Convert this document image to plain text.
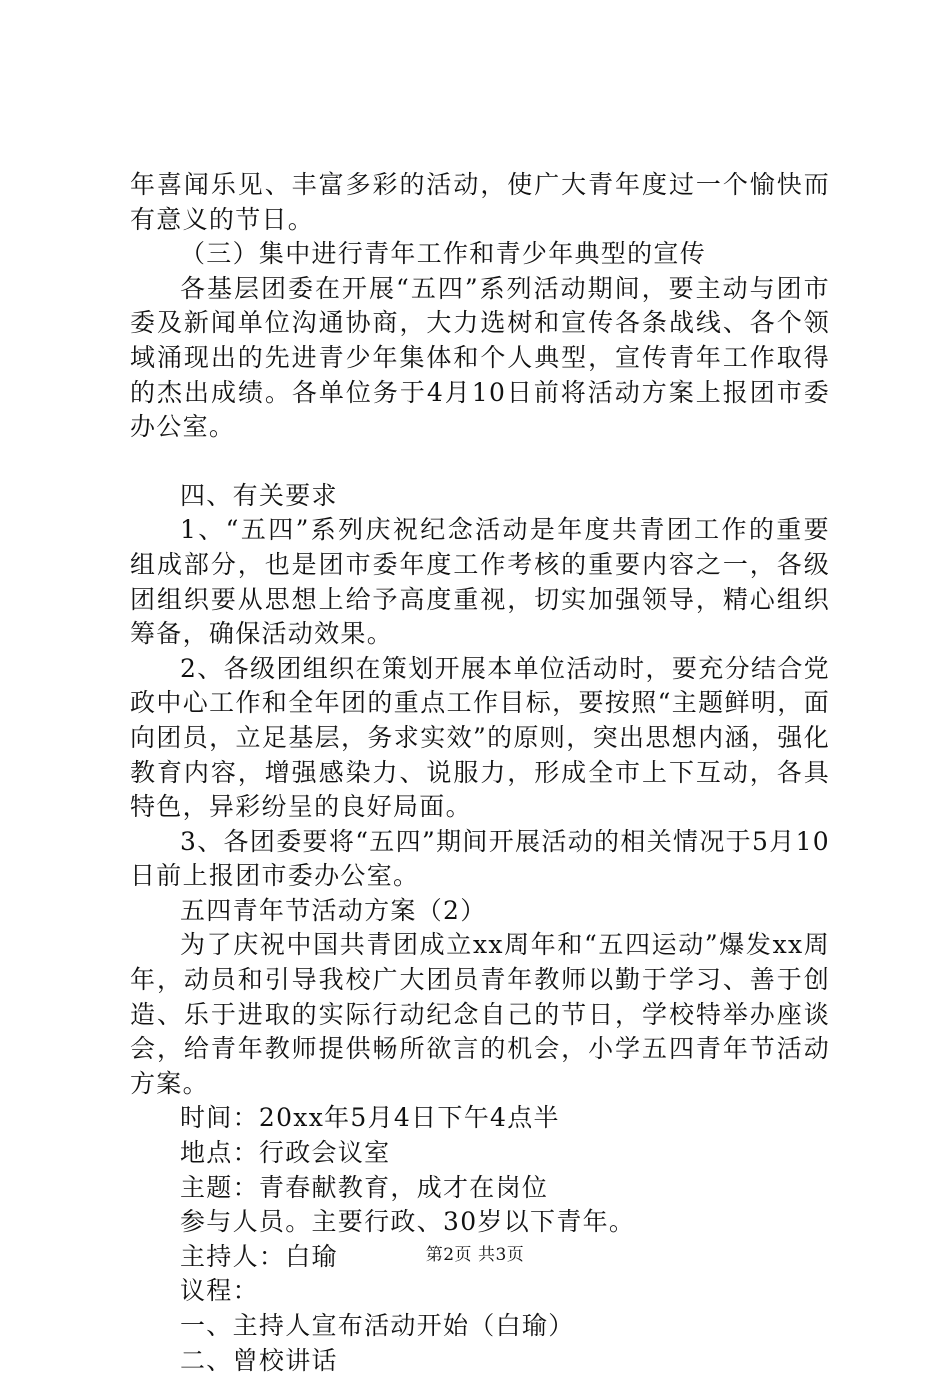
年喜闻乐见、丰富多彩的活动，使广大青年度过一个愉快而有意义的节日。

（三）集中进行青年工作和青少年典型的宣传

各基层团委在开展“五四”系列活动期间，要主动与团市委及新闻单位沟通协商，大力选树和宣传各条战线、各个领域涌现出的先进青少年集体和个人典型，宣传青年工作取得的杰出成绩。各单位务于4月10日前将活动方案上报团市委办公室。

四、有关要求

1、“五四”系列庆祝纪念活动是年度共青团工作的重要组成部分，也是团市委年度工作考核的重要内容之一，各级团组织要从思想上给予高度重视，切实加强领导，精心组织筹备，确保活动效果。

2、各级团组织在策划开展本单位活动时，要充分结合党政中心工作和全年团的重点工作目标，要按照“主题鲜明，面向团员，立足基层，务求实效”的原则，突出思想内涵，强化教育内容，增强感染力、说服力，形成全市上下互动，各具特色，异彩纷呈的良好局面。

3、各团委要将“五四”期间开展活动的相关情况于5月10日前上报团市委办公室。

五四青年节活动方案（2）

为了庆祝中国共青团成立xx周年和“五四运动”爆发xx周年，动员和引导我校广大团员青年教师以勤于学习、善于创造、乐于进取的实际行动纪念自己的节日，学校特举办座谈会，给青年教师提供畅所欲言的机会，小学五四青年节活动方案。

时间：20xx年5月4日下午4点半

地点：行政会议室

主题：青春献教育，成才在岗位

参与人员。主要行政、30岁以下青年。

主持人：白瑜

议程：

一、主持人宣布活动开始（白瑜）

二、曾校讲话

第2页 共3页
